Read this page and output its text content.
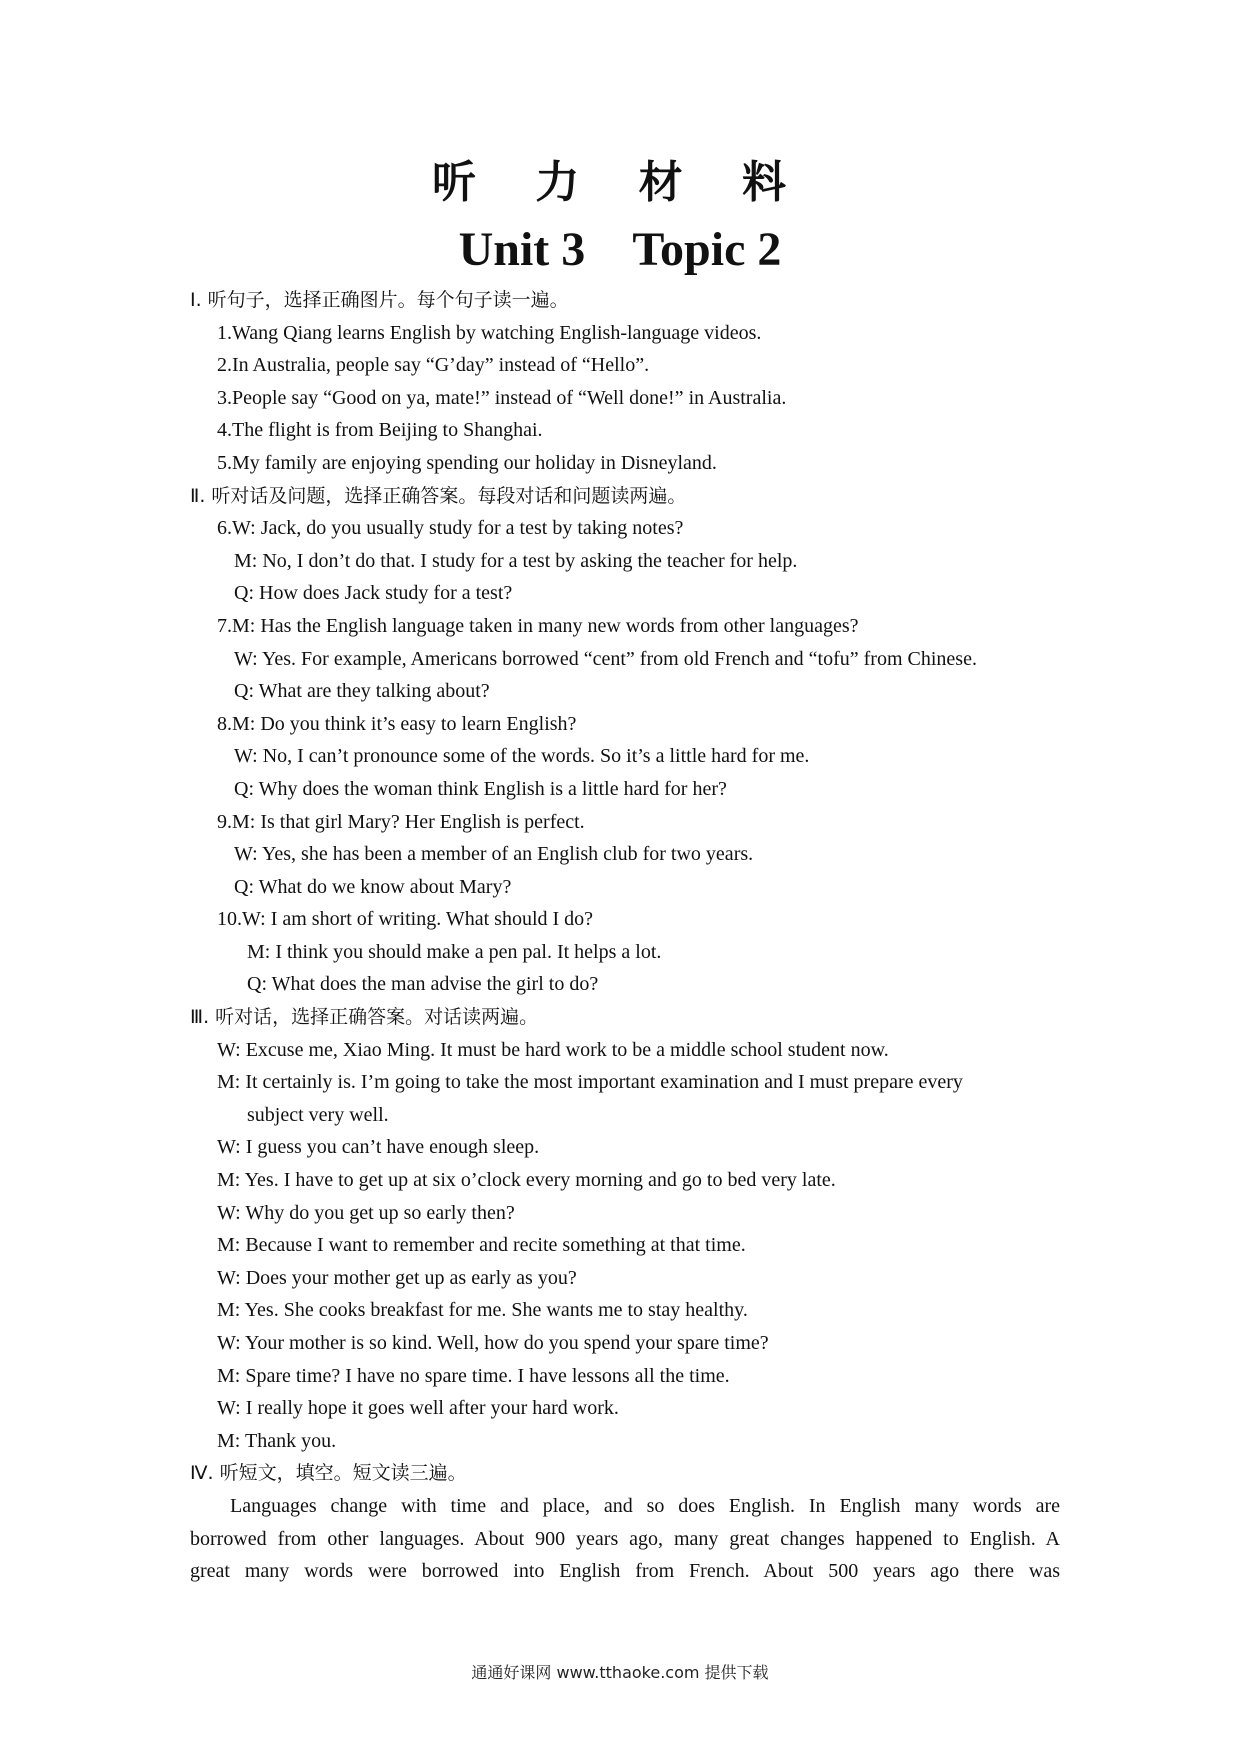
听 力 材 料
Unit 3    Topic 2
Ⅰ. 听句子，选择正确图片。每个句子读一遍。
1.Wang Qiang learns English by watching English-language videos.
2.In Australia, people say “G’day” instead of “Hello”.
3.People say “Good on ya, mate!” instead of “Well done!” in Australia.
4.The flight is from Beijing to Shanghai.
5.My family are enjoying spending our holiday in Disneyland.
Ⅱ. 听对话及问题，选择正确答案。每段对话和问题读两遍。
6.W: Jack, do you usually study for a test by taking notes?
M: No, I don’t do that. I study for a test by asking the teacher for help.
Q: How does Jack study for a test?
7.M: Has the English language taken in many new words from other languages?
W: Yes. For example, Americans borrowed “cent” from old French and “tofu” from Chinese.
Q: What are they talking about?
8.M: Do you think it’s easy to learn English?
W: No, I can’t pronounce some of the words. So it’s a little hard for me.
Q: Why does the woman think English is a little hard for her?
9.M: Is that girl Mary? Her English is perfect.
W: Yes, she has been a member of an English club for two years.
Q: What do we know about Mary?
10.W: I am short of writing. What should I do?
M: I think you should make a pen pal. It helps a lot.
Q: What does the man advise the girl to do?
Ⅲ. 听对话，选择正确答案。对话读两遍。
W: Excuse me, Xiao Ming. It must be hard work to be a middle school student now.
M: It certainly is. I’m going to take the most important examination and I must prepare every
subject very well.
W: I guess you can’t have enough sleep.
M: Yes. I have to get up at six o’clock every morning and go to bed very late.
W: Why do you get up so early then?
M: Because I want to remember and recite something at that time.
W: Does your mother get up as early as you?
M: Yes. She cooks breakfast for me. She wants me to stay healthy.
W: Your mother is so kind. Well, how do you spend your spare time?
M: Spare time? I have no spare time. I have lessons all the time.
W: I really hope it goes well after your hard work.
M: Thank you.
Ⅳ. 听短文，填空。短文读三遍。
Languages change with time and place, and so does English. In English many words are
borrowed from other languages. About 900 years ago, many great changes happened to English. A
great many words were borrowed into English from French. About 500 years ago there was
通通好课网 www.tthaoke.com 提供下载
